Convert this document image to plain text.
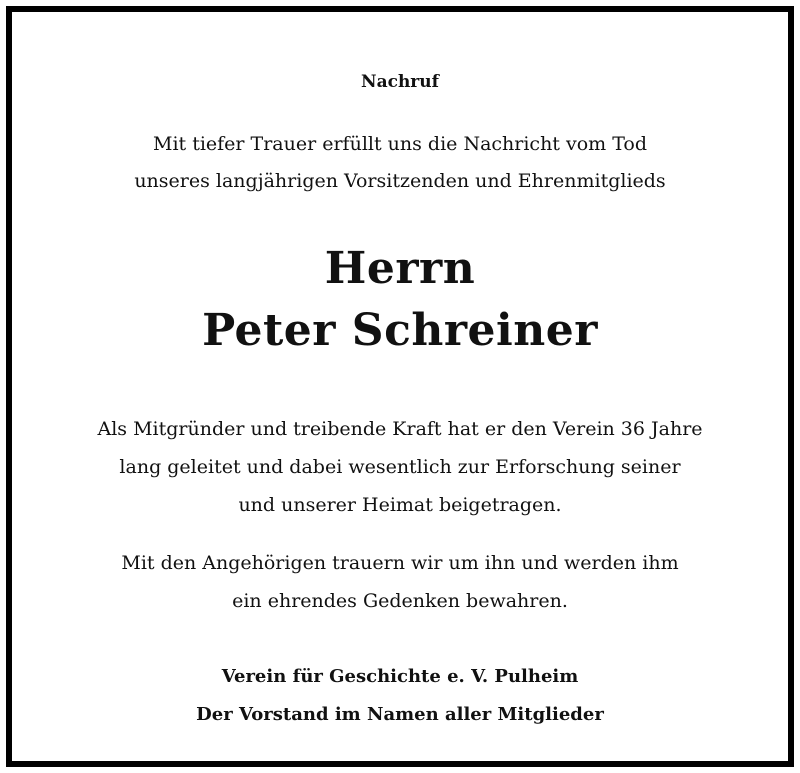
Nachruf
Mit tiefer Trauer erfüllt uns die Nachricht vom Tod
unseres langjährigen Vorsitzenden und Ehrenmitglieds
Herrn
Peter Schreiner
Als Mitgründer und treibende Kraft hat er den Verein 36 Jahre
lang geleitet und dabei wesentlich zur Erforschung seiner
und unserer Heimat beigetragen.
Mit den Angehörigen trauern wir um ihn und werden ihm
ein ehrendes Gedenken bewahren.
Verein für Geschichte e. V. Pulheim
Der Vorstand im Namen aller Mitglieder
